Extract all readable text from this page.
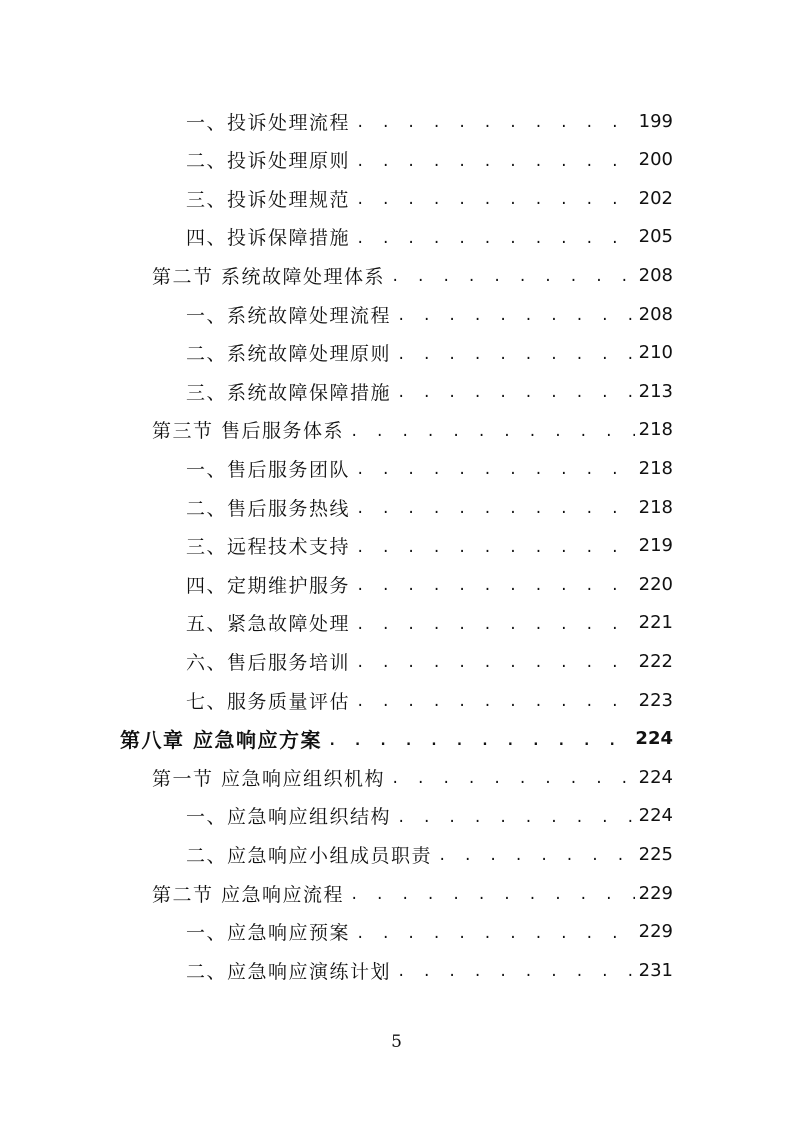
一、投诉处理流程 . . .	199
二、投诉处理原则 . . .	200
三、投诉处理规范 . . .	202
四、投诉保障措施 . . .	205
第二节 系统故障处理体系 . . .	208
一、系统故障处理流程 . . .	208
二、系统故障处理原则 . . .	210
三、系统故障保障措施 . . .	213
第三节 售后服务体系 . . .	218
一、售后服务团队 . . .	218
二、售后服务热线 . . .	218
三、远程技术支持 . . .	219
四、定期维护服务 . . .	220
五、紧急故障处理 . . .	221
六、售后服务培训 . . .	222
七、服务质量评估 . . .	223
第八章 应急响应方案 . . .	224
第一节 应急响应组织机构 . . .	224
一、应急响应组织结构 . . .	224
二、应急响应小组成员职责 . . .	225
第二节 应急响应流程 . . .	229
一、应急响应预案 . . .	229
二、应急响应演练计划 . . .	231
5
